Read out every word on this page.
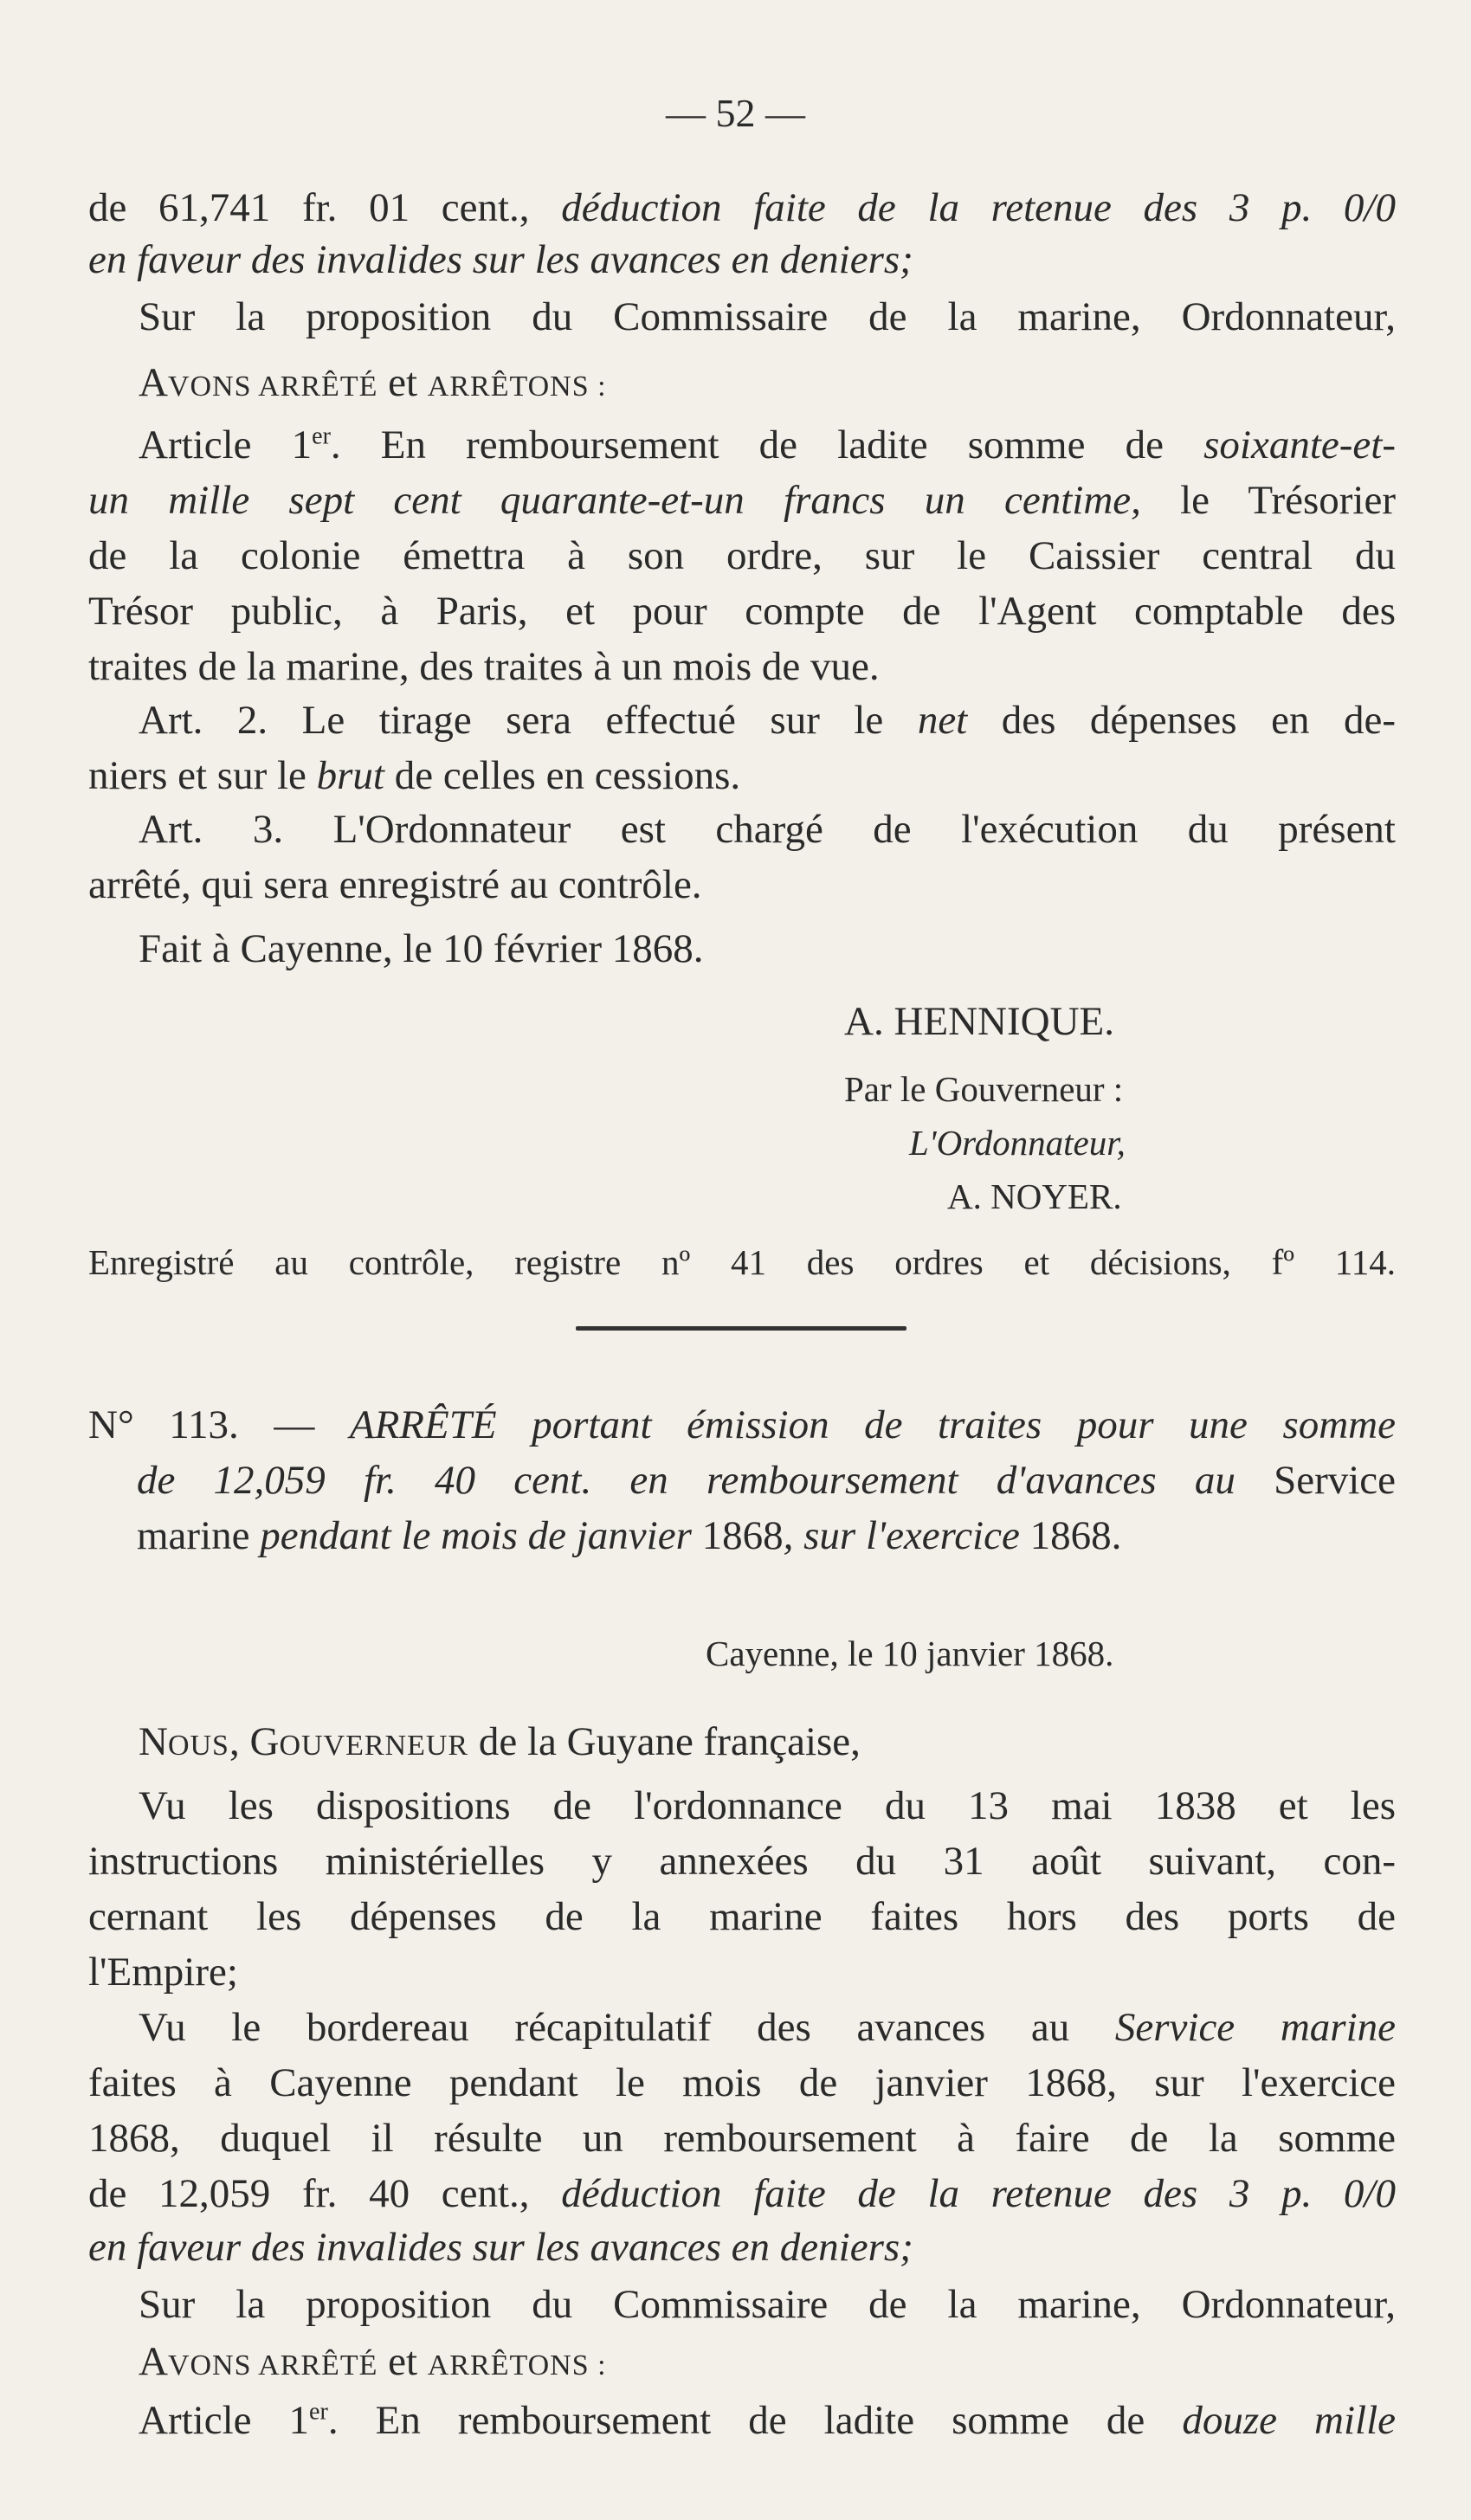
— 52 —
de 61,741 fr. 01 cent., déduction faite de la retenue des 3 p. 0/0
en faveur des invalides sur les avances en deniers;
Sur la proposition du Commissaire de la marine, Ordonnateur,
AVONS ARRÊTÉ et ARRÊTONS :
Article 1er. En remboursement de ladite somme de soixante-et-
un mille sept cent quarante-et-un francs un centime, le Trésorier
de la colonie émettra à son ordre, sur le Caissier central du
Trésor public, à Paris, et pour compte de l'Agent comptable des
traites de la marine, des traites à un mois de vue.
Art. 2. Le tirage sera effectué sur le net des dépenses en de-
niers et sur le brut de celles en cessions.
Art. 3. L'Ordonnateur est chargé de l'exécution du présent
arrêté, qui sera enregistré au contrôle.
Fait à Cayenne, le 10 février 1868.
A. HENNIQUE.
Par le Gouverneur :
L'Ordonnateur,
A. NOYER.
Enregistré au contrôle, registre nº 41 des ordres et décisions, fº 114.
N° 113. — ARRÊTÉ portant émission de traites pour une somme
de 12,059 fr. 40 cent. en remboursement d'avances au Service
marine pendant le mois de janvier 1868, sur l'exercice 1868.
Cayenne, le 10 janvier 1868.
NOUS, GOUVERNEUR de la Guyane française,
Vu les dispositions de l'ordonnance du 13 mai 1838 et les
instructions ministérielles y annexées du 31 août suivant, con-
cernant les dépenses de la marine faites hors des ports de
l'Empire;
Vu le bordereau récapitulatif des avances au Service marine
faites à Cayenne pendant le mois de janvier 1868, sur l'exercice
1868, duquel il résulte un remboursement à faire de la somme
de 12,059 fr. 40 cent., déduction faite de la retenue des 3 p. 0/0
en faveur des invalides sur les avances en deniers;
Sur la proposition du Commissaire de la marine, Ordonnateur,
AVONS ARRÊTÉ et ARRÊTONS :
Article 1er. En remboursement de ladite somme de douze mille
